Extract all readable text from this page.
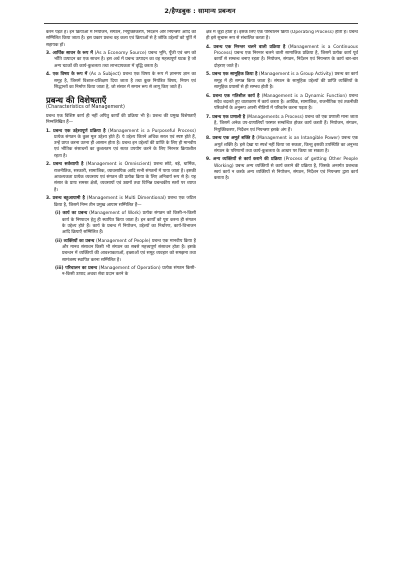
2/हैण्डबुक : सामान्य प्रबन्धन

करने पड़ते हैं। इन क्रियाओं में नियोजन, संगठन, नियुक्तिकरण, निर्देशन और नियन्त्रण आदि को सम्मिलित किया जाता है। इस प्रकार प्रबन्ध वह कला एवं क्रियाओं से है जोकि उद्देश्यों को पूर्ति में सहायक हों।

3. आर्थिक साधन के रूप में (As a Economy Source) प्रबन्ध भूमि, पूँजी एवं श्रम को भाँति उत्पादन का एक साधन है। इस अर्थ में प्रबन्ध उत्पादन का वह महत्त्वपूर्ण घटक है जो अन्य घटकों की कार्य-कुशलता तथा लाभदायकता में वृद्धि करता है।
4. एक विषय के रूप में (As a Subject) प्रबन्ध एक विषय के रूप में ज्ञानमय ज्ञान का समूह है, जिसमें विशाल-प्रशिक्षण दिया जाता है तथा कुछ नियंत्रित विषय, नियम एवं सिद्धान्तों का निर्माण किया जाता है, जो संसार में समान रूप से लागू किए जाते हैं।
प्रबन्ध की विशेषताएँ
(Characteristics of Management)

प्रबन्ध एक विशिष्ट कार्य ही नहीं अपितु कार्यों की प्रक्रिया भी है। प्रबन्ध की प्रमुख विशेषताएँ निम्नलिखित हैं—

1. प्रबन्ध एक उद्देश्यपूर्ण प्रक्रिया है (Management is a Purposeful Process) प्रत्येक संगठन के कुछ मूल उद्देश्य होते हैं। ये उद्देश्य जितने अधिक सरल एवं स्पष्ट होते हैं, उन्हें प्राप्त करना उतना ही आसान होता है। प्रबन्ध इन उद्देश्यों की प्राप्ति के लिए ही मानवीय एवं भौतिक संसाधनों का कुशलतम एवं सतत उपयोग करने के लिए निरन्तर क्रियाशील रहता है।
2. प्रबन्ध सर्वव्यापी है (Management is Omniscient) प्रबन्ध छोटे, बड़े, धार्मिक, राजनीतिक, सरकारी, सामाजिक, व्यावसायिक आदि सभी संगठनों में पाया जाता है। इसकी आवश्यकता प्रत्येक व्यवसाय एवं संगठन की प्रत्येक क्रिया के लिए अनिवार्य रूप से है। यह संसार के प्रायः समस्त क्षेत्रों, व्यवसायों एवं उद्यमों तथा विभिन्न प्रबन्धकीय स्तरों पर व्याप्त है।
3. प्रबन्ध बहुआयामी है (Management is Multi Dimentional) प्रबन्ध एक जटिल क्रिया है, जिसमें निम्न तीन प्रमुख आयाम सम्मिलित हैं—
(i) कार्य का प्रबन्ध (Management of Work) प्रत्येक संगठन को किसी-न-किसी कार्य के निष्पादन हेतु ही स्थापित किया जाता है। इन कार्यों को पूरा करना ही संगठन के उद्देश्य होते हैं। कार्य के प्रबन्ध में नियोजन, उद्देश्यों का निर्धारण, कार्य-विभाजन आदि क्रियाएँ सम्मिलित हैं।
(ii) व्यक्तियों का प्रबन्ध (Management of People) प्रबन्ध एक मानवीय क्रिया है और मानव संसाधन किसी भी संगठन का सबसे महत्त्वपूर्ण संसाधन होता है। इसके प्रबन्धन में व्यक्तियों की आवश्यकताओं, इच्छाओं एवं समूह व्यवहार को समझना तथा सामंजस्य स्थापित करना सम्मिलित है।
(iii) परिचालन का प्रबन्ध (Management of Operation) प्रत्येक संगठन किसी-न-किसी उत्पाद अथवा सेवा प्रदान करने के

क्षेत्र में जुड़ा होता है। इसके लिए एक परिचालन क्रिया (Operating Process) होती है। प्रबन्ध ही इसे सुचारू रूप से संचालित करता है।

4. प्रबन्ध एक निरन्तर चलने वाली प्रक्रिया है (Management is a Continuous Process) प्रबन्ध एक निरन्तर चलने वाली सामाजिक प्रक्रिया है, जिसमें प्रत्येक कार्य पूर्व कार्यों से सम्बन्ध बनाए रहता है। नियोजन, संगठन, निर्देशन एवं नियन्त्रण के कार्य बार-बार दोहराए जाते हैं।
5. प्रबन्ध एक सामूहिक क्रिया है (Management is a Group Activity) प्रबन्ध का कार्य समूह में ही सम्पन्न किया जाता है। संगठन के सामूहिक उद्देश्यों की प्राप्ति व्यक्तियों के सामूहिक प्रयासों से ही सम्भव होती है।
6. प्रबन्ध एक गतिशील कार्य है (Management is a Dynamic Function) प्रबन्ध सदैव बदलते हुए वातावरण में कार्य करता है। आर्थिक, सामाजिक, राजनीतिक एवं तकनीकी परिवर्तनों के अनुरूप अपनी नीतियों में परिवर्तन करना पड़ता है।
7. प्रबन्ध एक प्रणाली है (Managements a Process) प्रबन्ध को एक प्रणाली माना जाता है, जिसमें अनेक उप-प्रणालियाँ परस्पर सम्बन्धित होकर कार्य करती हैं। नियोजन, संगठन, नियुक्तिकरण, निर्देशन एवं नियन्त्रण इसके अंग हैं।
8. प्रबन्ध एक अमूर्त शक्ति है (Management is an Intangible Power) प्रबन्ध एक अमूर्त शक्ति है। इसे देखा या स्पर्श नहीं किया जा सकता, किन्तु इसकी उपस्थिति का अनुभव संगठन के परिणामों तथा कार्य-कुशलता के आधार पर किया जा सकता है।
9. अन्य व्यक्तियों से कार्य कराने की प्रक्रिया (Process of getting Other People Working) प्रबन्ध अन्य व्यक्तियों से कार्य कराने की प्रक्रिया है, जिसके अन्तर्गत प्रबन्धक स्वयं कार्य न करके अन्य व्यक्तियों से नियोजन, संगठन, निर्देशन एवं नियन्त्रण द्वारा कार्य कराता है।
